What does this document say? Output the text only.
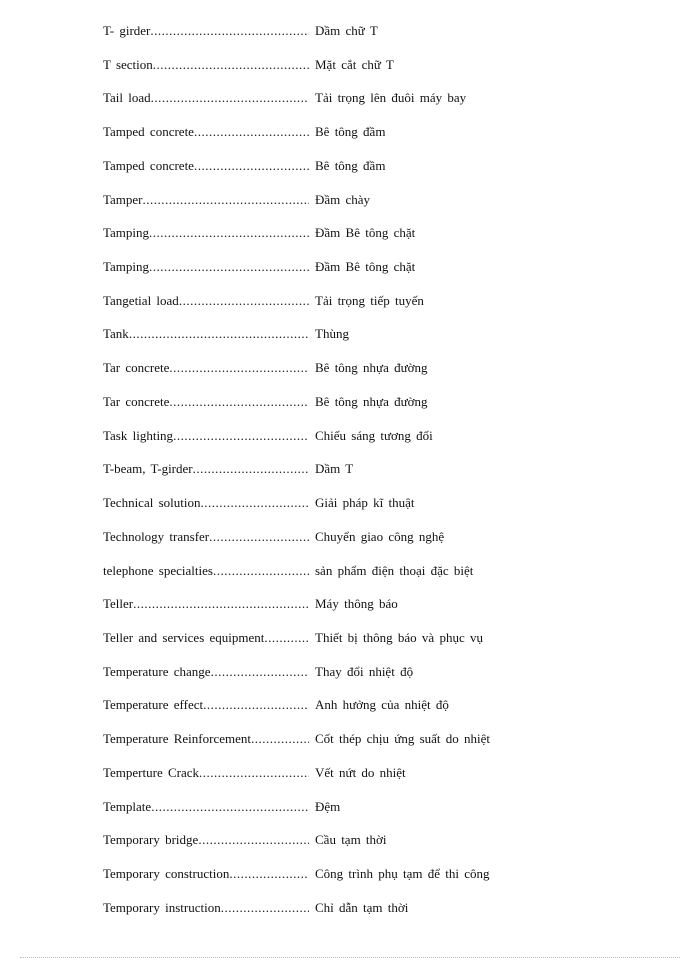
T- girder .....	Dầm chữ T
T section .....	Mặt cắt chữ T
Tail load .....	Tải trọng lên đuôi máy bay
Tamped concrete .....	Bê tông đầm
Tamped concrete .....	Bê tông đầm
Tamper .....	Đầm chày
Tamping .....	Đầm Bê tông chặt
Tamping .....	Đầm Bê tông chặt
Tangetial load .....	Tải trọng tiếp tuyến
Tank .....	Thùng
Tar concrete .....	Bê tông nhựa đường
Tar concrete .....	Bê tông nhựa đường
Task lighting .....	Chiếu sáng tương đối
T-beam, T-girder .....	Dầm T
Technical solution .....	Giải pháp kĩ thuật
Technology transfer .....	Chuyển giao công nghệ
telephone specialties .....	sản phẩm điện thoại đặc biệt
Teller .....	Máy thông báo
Teller and services equipment .....	Thiết bị thông báo và phục vụ
Temperature change .....	Thay đổi nhiệt độ
Temperature effect .....	Anh hưởng của nhiệt độ
Temperature Reinforcement .....	Cốt thép chịu ứng suất do nhiệt
Temperture Crack .....	Vết nứt do nhiệt
Template .....	Đệm
Temporary bridge .....	Cầu tạm thời
Temporary construction .....	Công trình phụ tạm để thi công
Temporary instruction .....	Chỉ dẫn tạm thời
